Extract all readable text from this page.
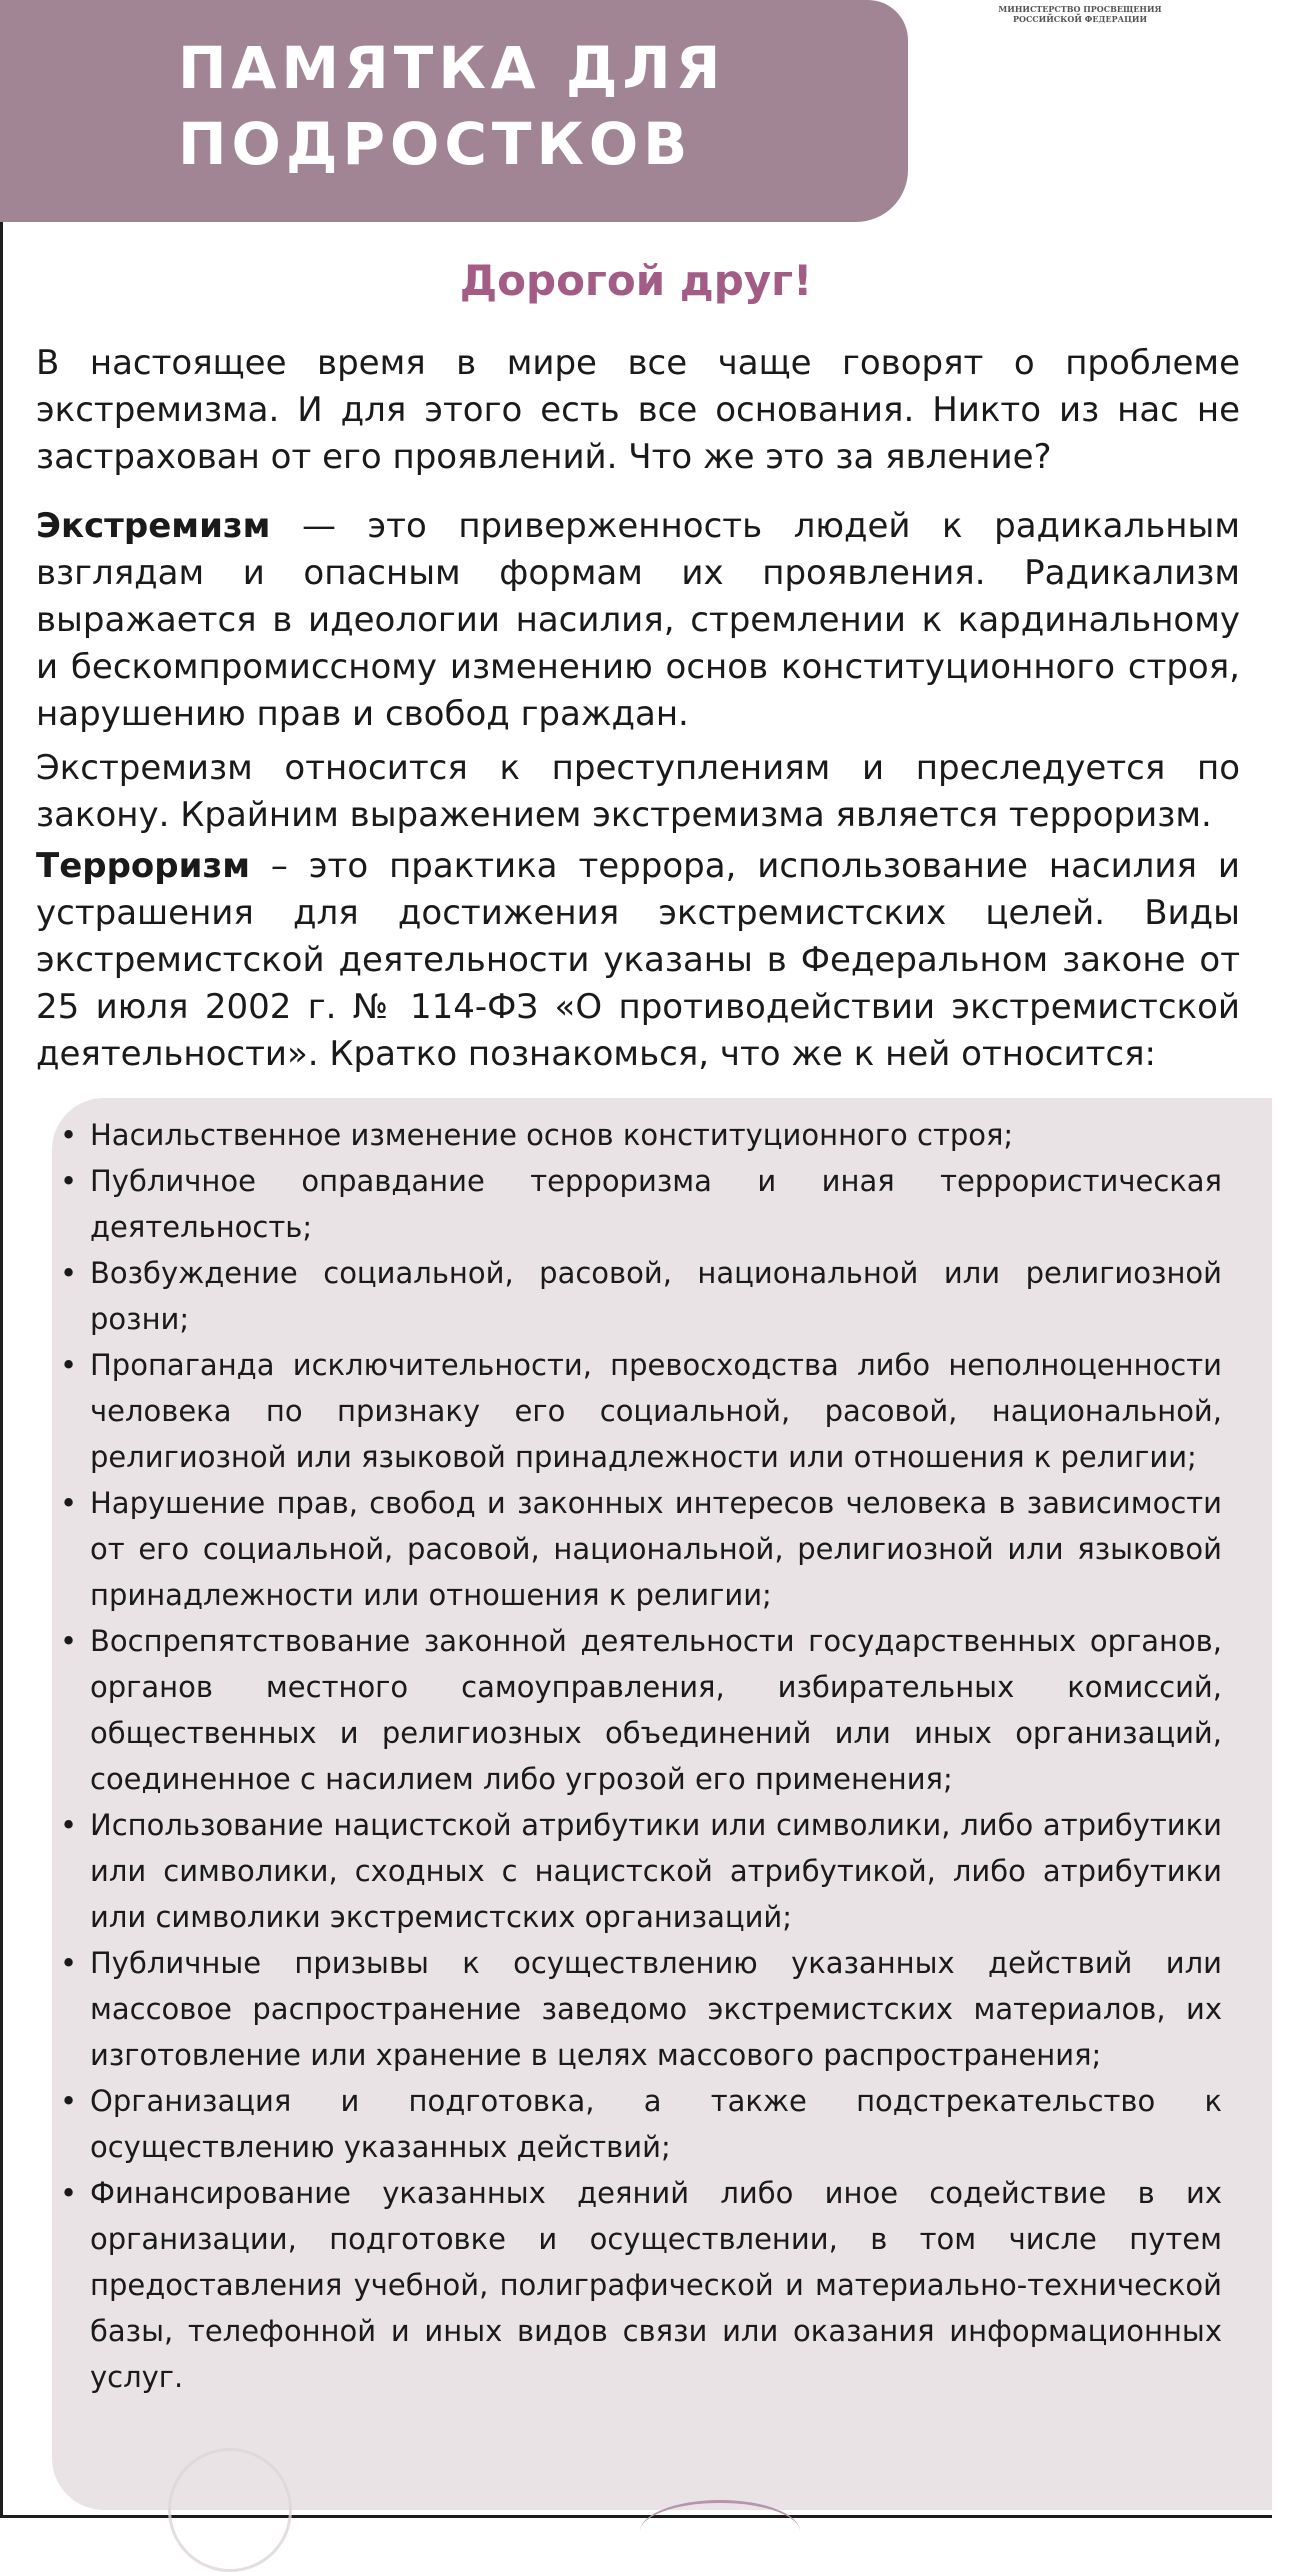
ПАМЯТКА ДЛЯ
ПОДРОСТКОВ
МИНИСТЕРСТВО ПРОСВЕЩЕНИЯ
РОССИЙСКОЙ ФЕДЕРАЦИИ
Дорогой друг!

В настоящее время в мире все чаще говорят о проблеме экстремизма. И для этого есть все основания. Никто из нас не застрахован от его проявлений. Что же это за явление?

Экстремизм — это приверженность людей к радикальным взглядам и опасным формам их проявления. Радикализм выражается в идеологии насилия, стремлении к кардинальному и бескомпромиссному изменению основ конституционного строя, нарушению прав и свобод граждан.

Экстремизм относится к преступлениям и преследуется по закону. Крайним выражением экстремизма является терроризм.

Терроризм – это практика террора, использование насилия и устрашения для достижения экстремистских целей. Виды экстремистской деятельности указаны в Федеральном законе от 25 июля 2002 г. № 114-ФЗ «О противодействии экстремистской деятельности». Кратко познакомься, что же к ней относится:

• Насильственное изменение основ конституционного строя;
• Публичное оправдание терроризма и иная террористическая деятельность;
• Возбуждение социальной, расовой, национальной или религиозной розни;
• Пропаганда исключительности, превосходства либо неполноценности человека по признаку его социальной, расовой, национальной, религиозной или языковой принадлежности или отношения к религии;
• Нарушение прав, свобод и законных интересов человека в зависимости от его социальной, расовой, национальной, религиозной или языковой принадлежности или отношения к религии;
• Воспрепятствование законной деятельности государственных органов, органов местного самоуправления, избирательных комиссий, общественных и религиозных объединений или иных организаций, соединенное с насилием либо угрозой его применения;
• Использование нацистской атрибутики или символики, либо атрибутики или символики, сходных с нацистской атрибутикой, либо атрибутики или символики экстремистских организаций;
• Публичные призывы к осуществлению указанных действий или массовое распространение заведомо экстремистских материалов, их изготовление или хранение в целях массового распространения;
• Организация и подготовка, а также подстрекательство к осуществлению указанных действий;
• Финансирование указанных деяний либо иное содействие в их организации, подготовке и осуществлении, в том числе путем предоставления учебной, полиграфической и материально-технической базы, телефонной и иных видов связи или оказания информационных услуг.
